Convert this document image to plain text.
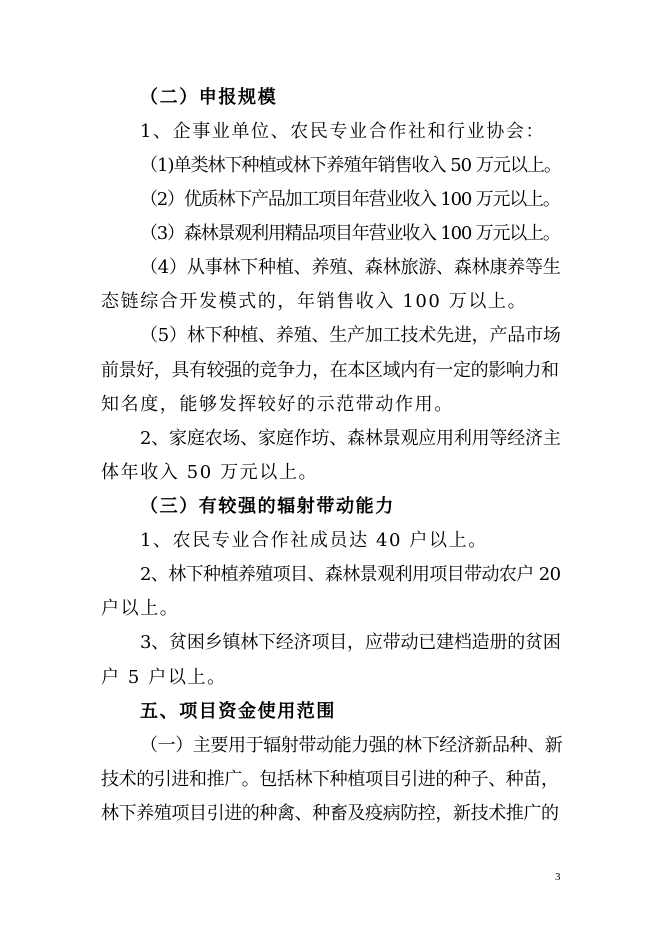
（二）申报规模
1、企事业单位、农民专业合作社和行业协会：
（1)单类林下种植或林下养殖年销售收入 50 万元以上。
（2）优质林下产品加工项目年营业收入 100 万元以上。
（3）森林景观利用精品项目年营业收入 100 万元以上。
（4）从事林下种植、养殖、森林旅游、森林康养等生
态链综合开发模式的，年销售收入 100 万以上。
（5）林下种植、养殖、生产加工技术先进，产品市场
前景好，具有较强的竞争力，在本区域内有一定的影响力和
知名度，能够发挥较好的示范带动作用。
2、家庭农场、家庭作坊、森林景观应用利用等经济主
体年收入 50 万元以上。
（三）有较强的辐射带动能力
1、农民专业合作社成员达 40 户以上。
2、林下种植养殖项目、森林景观利用项目带动农户 20
户以上。
3、贫困乡镇林下经济项目，应带动已建档造册的贫困
户 5 户以上。
五、项目资金使用范围
（一）主要用于辐射带动能力强的林下经济新品种、新
技术的引进和推广。包括林下种植项目引进的种子、种苗，
林下养殖项目引进的种禽、种畜及疫病防控，新技术推广的
3
